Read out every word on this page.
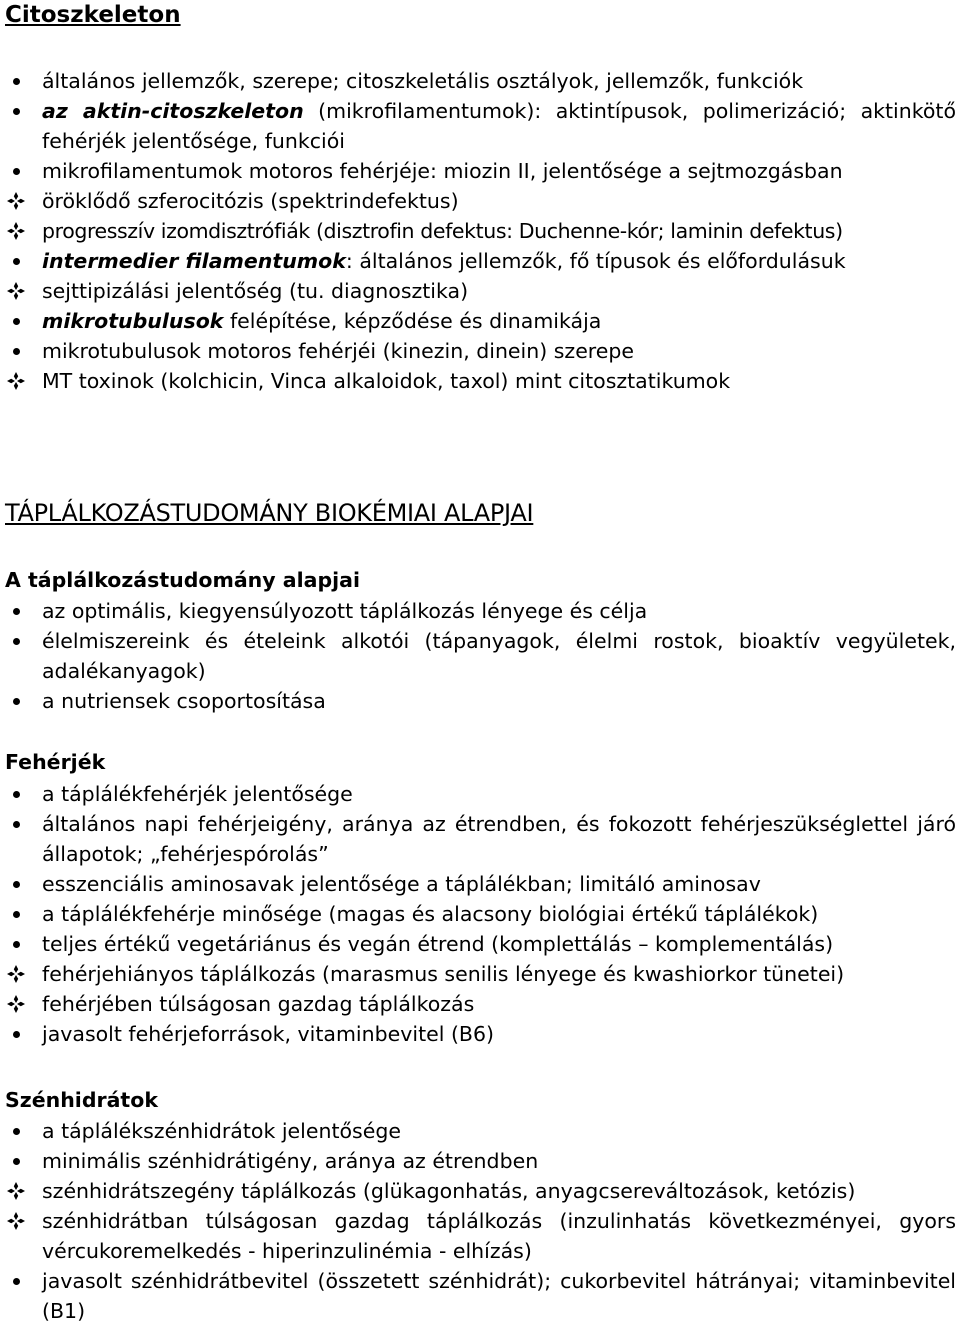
Citoszkeleton
általános jellemzők, szerepe; citoszkeletális osztályok, jellemzők, funkciók
az aktin-citoszkeleton (mikrofilamentumok): aktintípusok, polimerizáció; aktinkötő fehérjék jelentősége, funkciói
mikrofilamentumok motoros fehérjéje: miozin II, jelentősége a sejtmozgásban
öröklődő szferocitózis (spektrindefektus)
progresszív izomdisztrófiák (disztrofin defektus: Duchenne-kór; laminin defektus)
intermedier filamentumok: általános jellemzők, fő típusok és előfordulásuk
sejttipizálási jelentőség (tu. diagnosztika)
mikrotubulusok felépítése, képződése és dinamikája
mikrotubulusok motoros fehérjéi (kinezin, dinein) szerepe
MT toxinok (kolchicin, Vinca alkaloidok, taxol) mint citosztatikumok
TÁPLÁLKOZÁSTUDOMÁNY BIOKÉMIAI ALAPJAI
A táplálkozástudomány alapjai
az optimális, kiegyensúlyozott táplálkozás lényege és célja
élelmiszereink és ételeink alkotói (tápanyagok, élelmi rostok, bioaktív vegyületek, adalékanyagok)
a nutriensek csoportosítása
Fehérjék
a táplálékfehérjék jelentősége
általános napi fehérjeigény, aránya az étrendben, és fokozott fehérjeszükséglettel járó állapotok; „fehérjespórolás”
esszenciális aminosavak jelentősége a táplálékban; limitáló aminosav
a táplálékfehérje minősége (magas és alacsony biológiai értékű táplálékok)
teljes értékű vegetáriánus és vegán étrend (komplettálás – komplementálás)
fehérjehiányos táplálkozás (marasmus senilis lényege és kwashiorkor tünetei)
fehérjében túlságosan gazdag táplálkozás
javasolt fehérjeforrások, vitaminbevitel (B6)
Szénhidrátok
a táplálékszénhidrátok jelentősége
minimális szénhidrátigény, aránya az étrendben
szénhidrátszegény táplálkozás (glükagonhatás, anyagcsereváltozások, ketózis)
szénhidrátban túlságosan gazdag táplálkozás (inzulinhatás következményei, gyors vércukoremelkedés - hiperinzulinémia - elhízás)
javasolt szénhidrátbevitel (összetett szénhidrát); cukorbevitel hátrányai; vitaminbevitel (B1)
